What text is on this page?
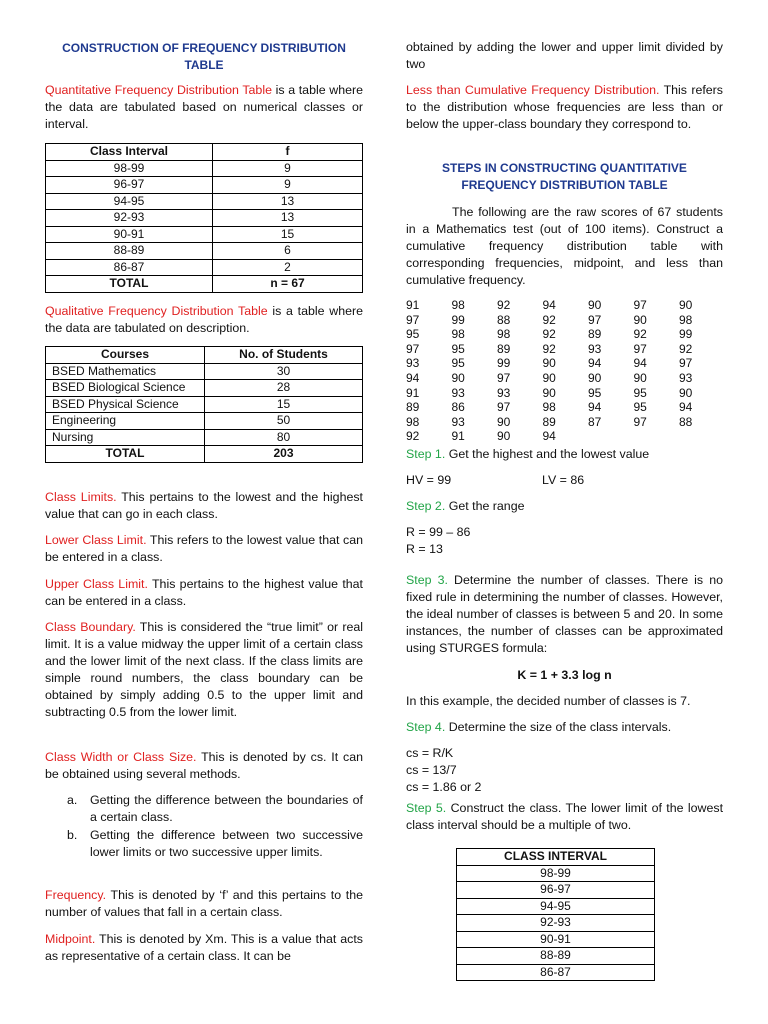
CONSTRUCTION OF FREQUENCY DISTRIBUTION TABLE

Quantitative Frequency Distribution Table is a table where the data are tabulated based on numerical classes or interval.

Class Interval	f
98-99	9
96-97	9
94-95	13
92-93	13
90-91	15
88-89	6
86-87	2
TOTAL	n = 67

Qualitative Frequency Distribution Table is a table where the data are tabulated on description.

Courses	No. of Students
BSED Mathematics	30
BSED Biological Science	28
BSED Physical Science	15
Engineering	50
Nursing	80
TOTAL	203

Class Limits. This pertains to the lowest and the highest value that can go in each class.

Lower Class Limit. This refers to the lowest value that can be entered in a class.

Upper Class Limit. This pertains to the highest value that can be entered in a class.

Class Boundary. This is considered the “true limit” or real limit. It is a value midway the upper limit of a certain class and the lower limit of the next class. If the class limits are simple round numbers, the class boundary can be obtained by simply adding 0.5 to the upper limit and subtracting 0.5 from the lower limit.

Class Width or Class Size. This is denoted by cs. It can be obtained using several methods.

a. Getting the difference between the boundaries of a certain class.
b. Getting the difference between two successive lower limits or two successive upper limits.

Frequency. This is denoted by ‘f’ and this pertains to the number of values that fall in a certain class.

Midpoint. This is denoted by Xm. This is a value that acts as representative of a certain class. It can be

obtained by adding the lower and upper limit divided by two

Less than Cumulative Frequency Distribution. This refers to the distribution whose frequencies are less than or below the upper-class boundary they correspond to.

STEPS IN CONSTRUCTING QUANTITATIVE FREQUENCY DISTRIBUTION TABLE

The following are the raw scores of 67 students in a Mathematics test (out of 100 items). Construct a cumulative frequency distribution table with corresponding frequencies, midpoint, and less than cumulative frequency.

91	98	92	94	90	97	90
97	99	88	92	97	90	98
95	98	98	92	89	92	99
97	95	89	92	93	97	92
93	95	99	90	94	94	97
94	90	97	90	90	90	93
91	93	93	90	95	95	90
89	86	97	98	94	95	94
98	93	90	89	87	97	88
92	91	90	94

Step 1. Get the highest and the lowest value

HV = 99	LV = 86

Step 2. Get the range

R = 99 – 86
R = 13

Step 3. Determine the number of classes. There is no fixed rule in determining the number of classes. However, the ideal number of classes is between 5 and 20. In some instances, the number of classes can be approximated using STURGES formula:

K = 1 + 3.3 log n

In this example, the decided number of classes is 7.

Step 4. Determine the size of the class intervals.

cs = R/K
cs = 13/7
cs = 1.86 or 2

Step 5. Construct the class. The lower limit of the lowest class interval should be a multiple of two.

CLASS INTERVAL
98-99
96-97
94-95
92-93
90-91
88-89
86-87
